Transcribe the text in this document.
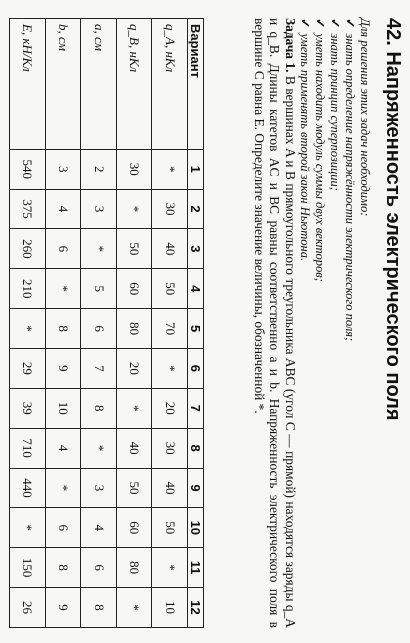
42. Напряженность электрического поля
Для решения этих задач необходимо:
✓знать определение напряжённости электрического поля;
✓знать принцип суперпозиции;
✓уметь находить модуль суммы двух векторов;
✓уметь применять второй закон Ньютона.
Задача 1. В вершинах A и B прямоугольного треугольника ABC (угол C — прямой) находятся заряды q_A и q_B. Длины катетов AC и BC равны соответственно a и b. Напряженность электрического поля в вершине C равна E. Определите значение величины, обозначенной *.
Вариант	1	2	3	4	5	6	7	8	9	10	11	12
q_A, нКл	*	30	40	50	70	*	20	30	40	50	*	10
q_B, нКл	30	*	50	60	80	20	*	40	50	60	80	*
a, см	2	3	*	5	6	7	8	*	3	4	6	8
b, см	3	4	6	*	8	9	10	4	*	6	8	9
E, кН/Кл	540	375	260	210	*	29	39	710	440	*	150	26
